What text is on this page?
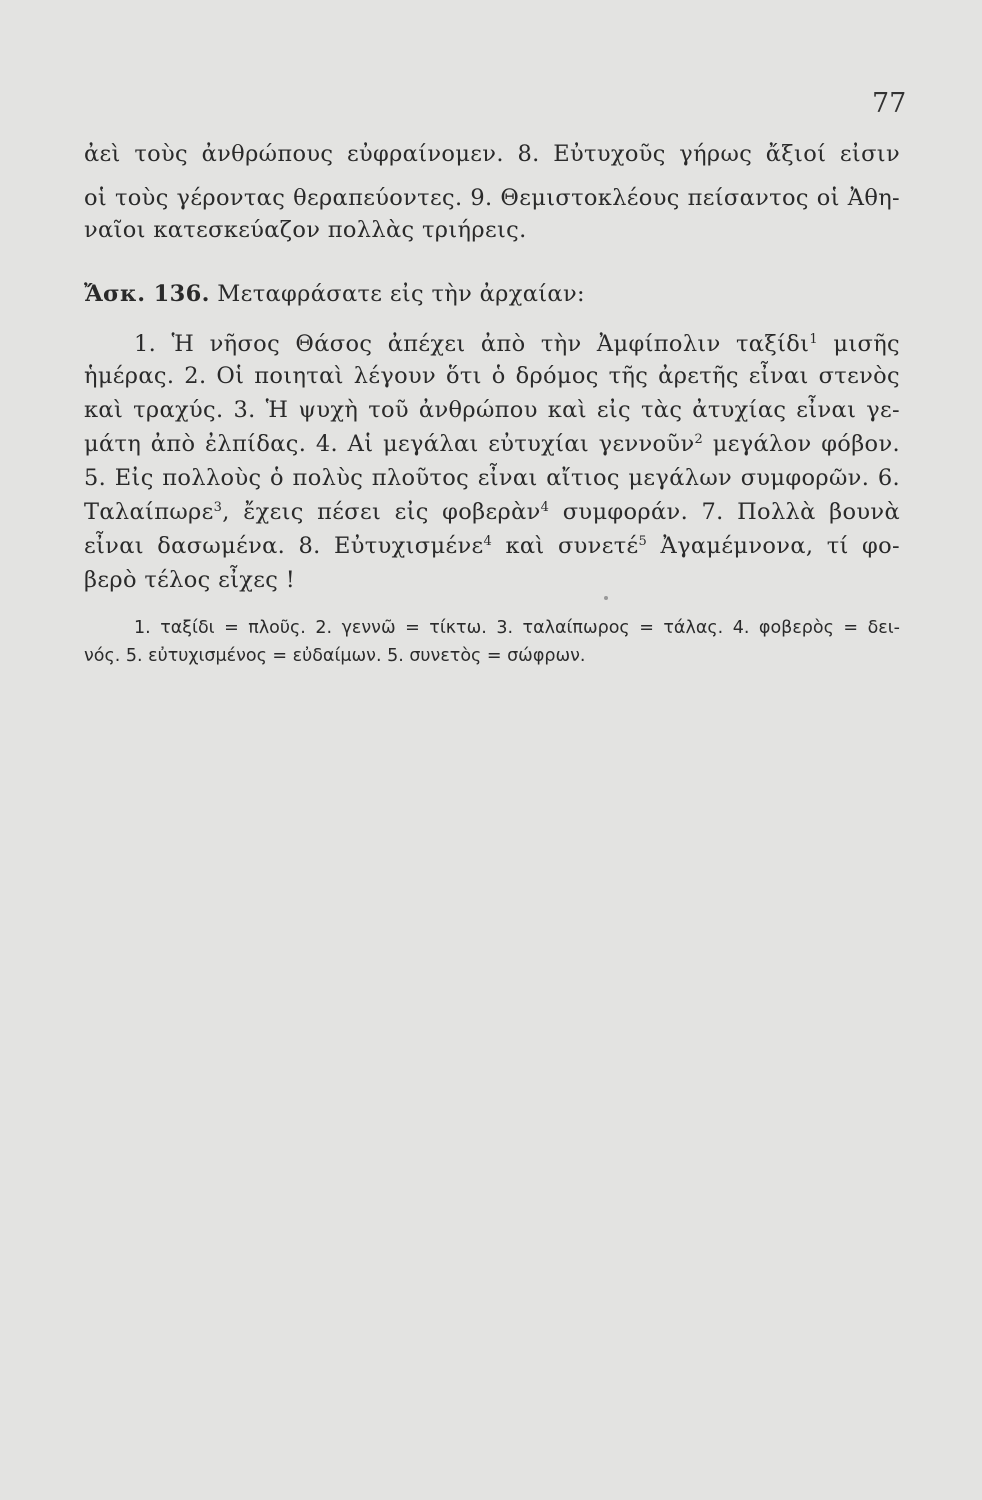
77
ἀεὶ τοὺς ἀνθρώπους εὐφραίνομεν. 8. Εὐτυχοῦς γήρως ἄξιοί εἰσιν
οἱ τοὺς γέροντας θεραπεύοντες. 9. Θεμιστοκλέους πείσαντος οἱ Ἀθη-
ναῖοι κατεσκεύαζον πολλὰς τριήρεις.
Ἄσκ. 136. Μεταφράσατε εἰς τὴν ἀρχαίαν:
1. Ἡ νῆσος Θάσος ἀπέχει ἀπὸ τὴν Ἀμφίπολιν ταξίδι$^1$ μισῆς
ἡμέρας. 2. Οἱ ποιηταὶ λέγουν ὅτι ὁ δρόμος τῆς ἀρετῆς εἶναι στενὸς
καὶ τραχύς. 3. Ἡ ψυχὴ τοῦ ἀνθρώπου καὶ εἰς τὰς ἀτυχίας εἶναι γε-
μάτη ἀπὸ ἐλπίδας. 4. Αἱ μεγάλαι εὐτυχίαι γεννοῦν$^2$ μεγάλον φόβον.
5. Εἰς πολλοὺς ὁ πολὺς πλοῦτος εἶναι αἴτιος μεγάλων συμφορῶν. 6.
Ταλαίπωρε$^3$, ἔχεις πέσει εἰς φοβερὰν$^4$ συμφοράν. 7. Πολλὰ βουνὰ
εἶναι δασωμένα. 8. Εὐτυχισμένε$^4$ καὶ συνετέ$^5$ Ἀγαμέμνονα, τί φο-
βερὸ τέλος εἶχες !
1. ταξίδι = πλοῦς. 2. γεννῶ = τίκτω. 3. ταλαίπωρος = τάλας. 4. φοβερὸς = δει-
νός. 5. εὐτυχισμένος = εὐδαίμων. 5. συνετὸς = σώφρων.
